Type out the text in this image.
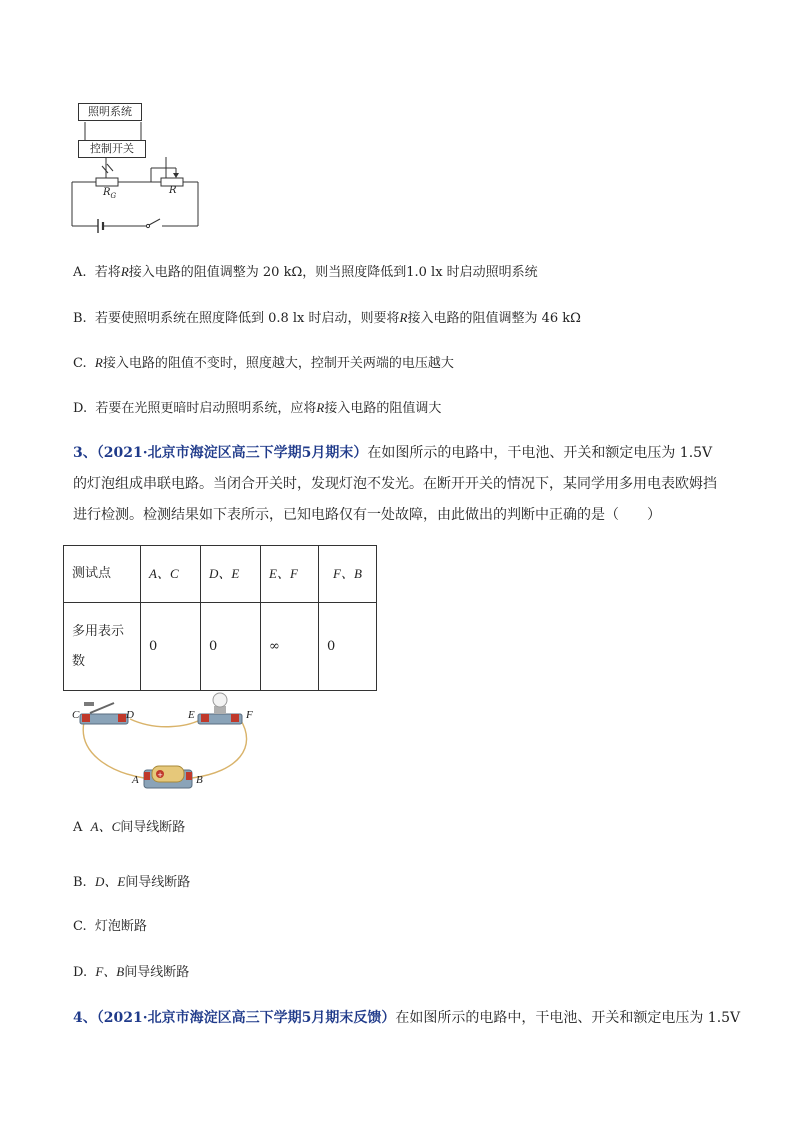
照明系统
控制开关
$R_G$	R
A. 若将R接入电路的阻值调整为 20 kΩ，则当照度降低到1.0 lx 时启动照明系统
B. 若要使照明系统在照度降低到 0.8 lx 时启动，则要将R接入电路的阻值调整为 46 kΩ
C. R接入电路的阻值不变时，照度越大，控制开关两端的电压越大
D. 若要在光照更暗时启动照明系统，应将R接入电路的阻值调大
3、（2021·北京市海淀区高三下学期5月期末）在如图所示的电路中，干电池、开关和额定电压为 1.5V 的灯泡组成串联电路。当闭合开关时，发现灯泡不发光。在断开开关的情况下，某同学用多用电表欧姆挡进行检测。检测结果如下表所示，已知电路仅有一处故障，由此做出的判断中正确的是（　　）
测试点	A、C	D、E	E、F	F、B
多用表示数	0	0	∞	0
+
C	D	E	F
A	B
A A、C间导线断路
B. D、E间导线断路
C. 灯泡断路
D. F、B间导线断路
4、（2021·北京市海淀区高三下学期5月期末反馈）在如图所示的电路中，干电池、开关和额定电压为 1.5V
